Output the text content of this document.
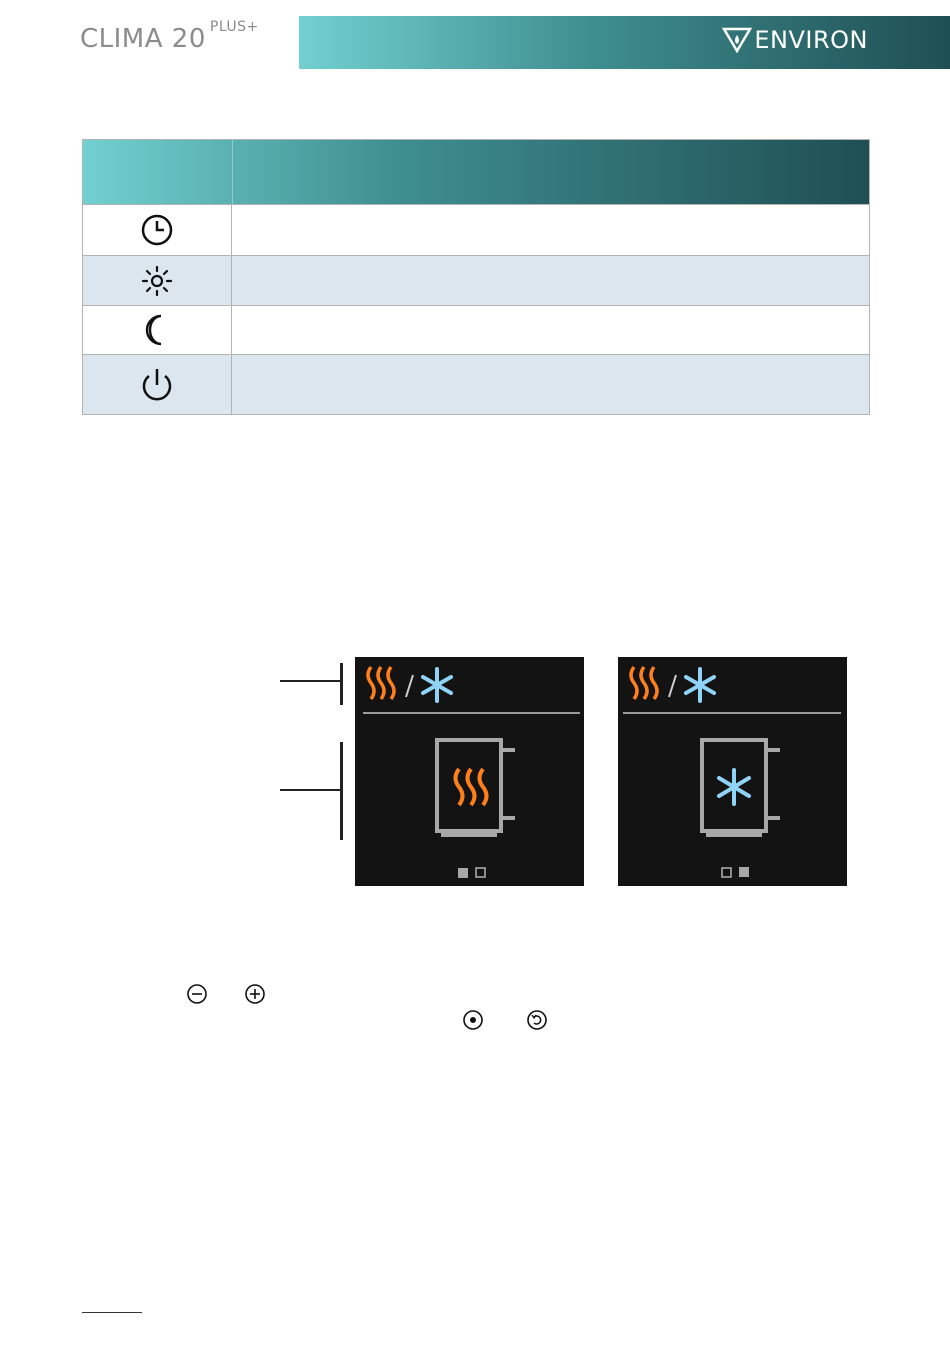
CLIMA 20 $^{PLUS+}$	ENVIRON
